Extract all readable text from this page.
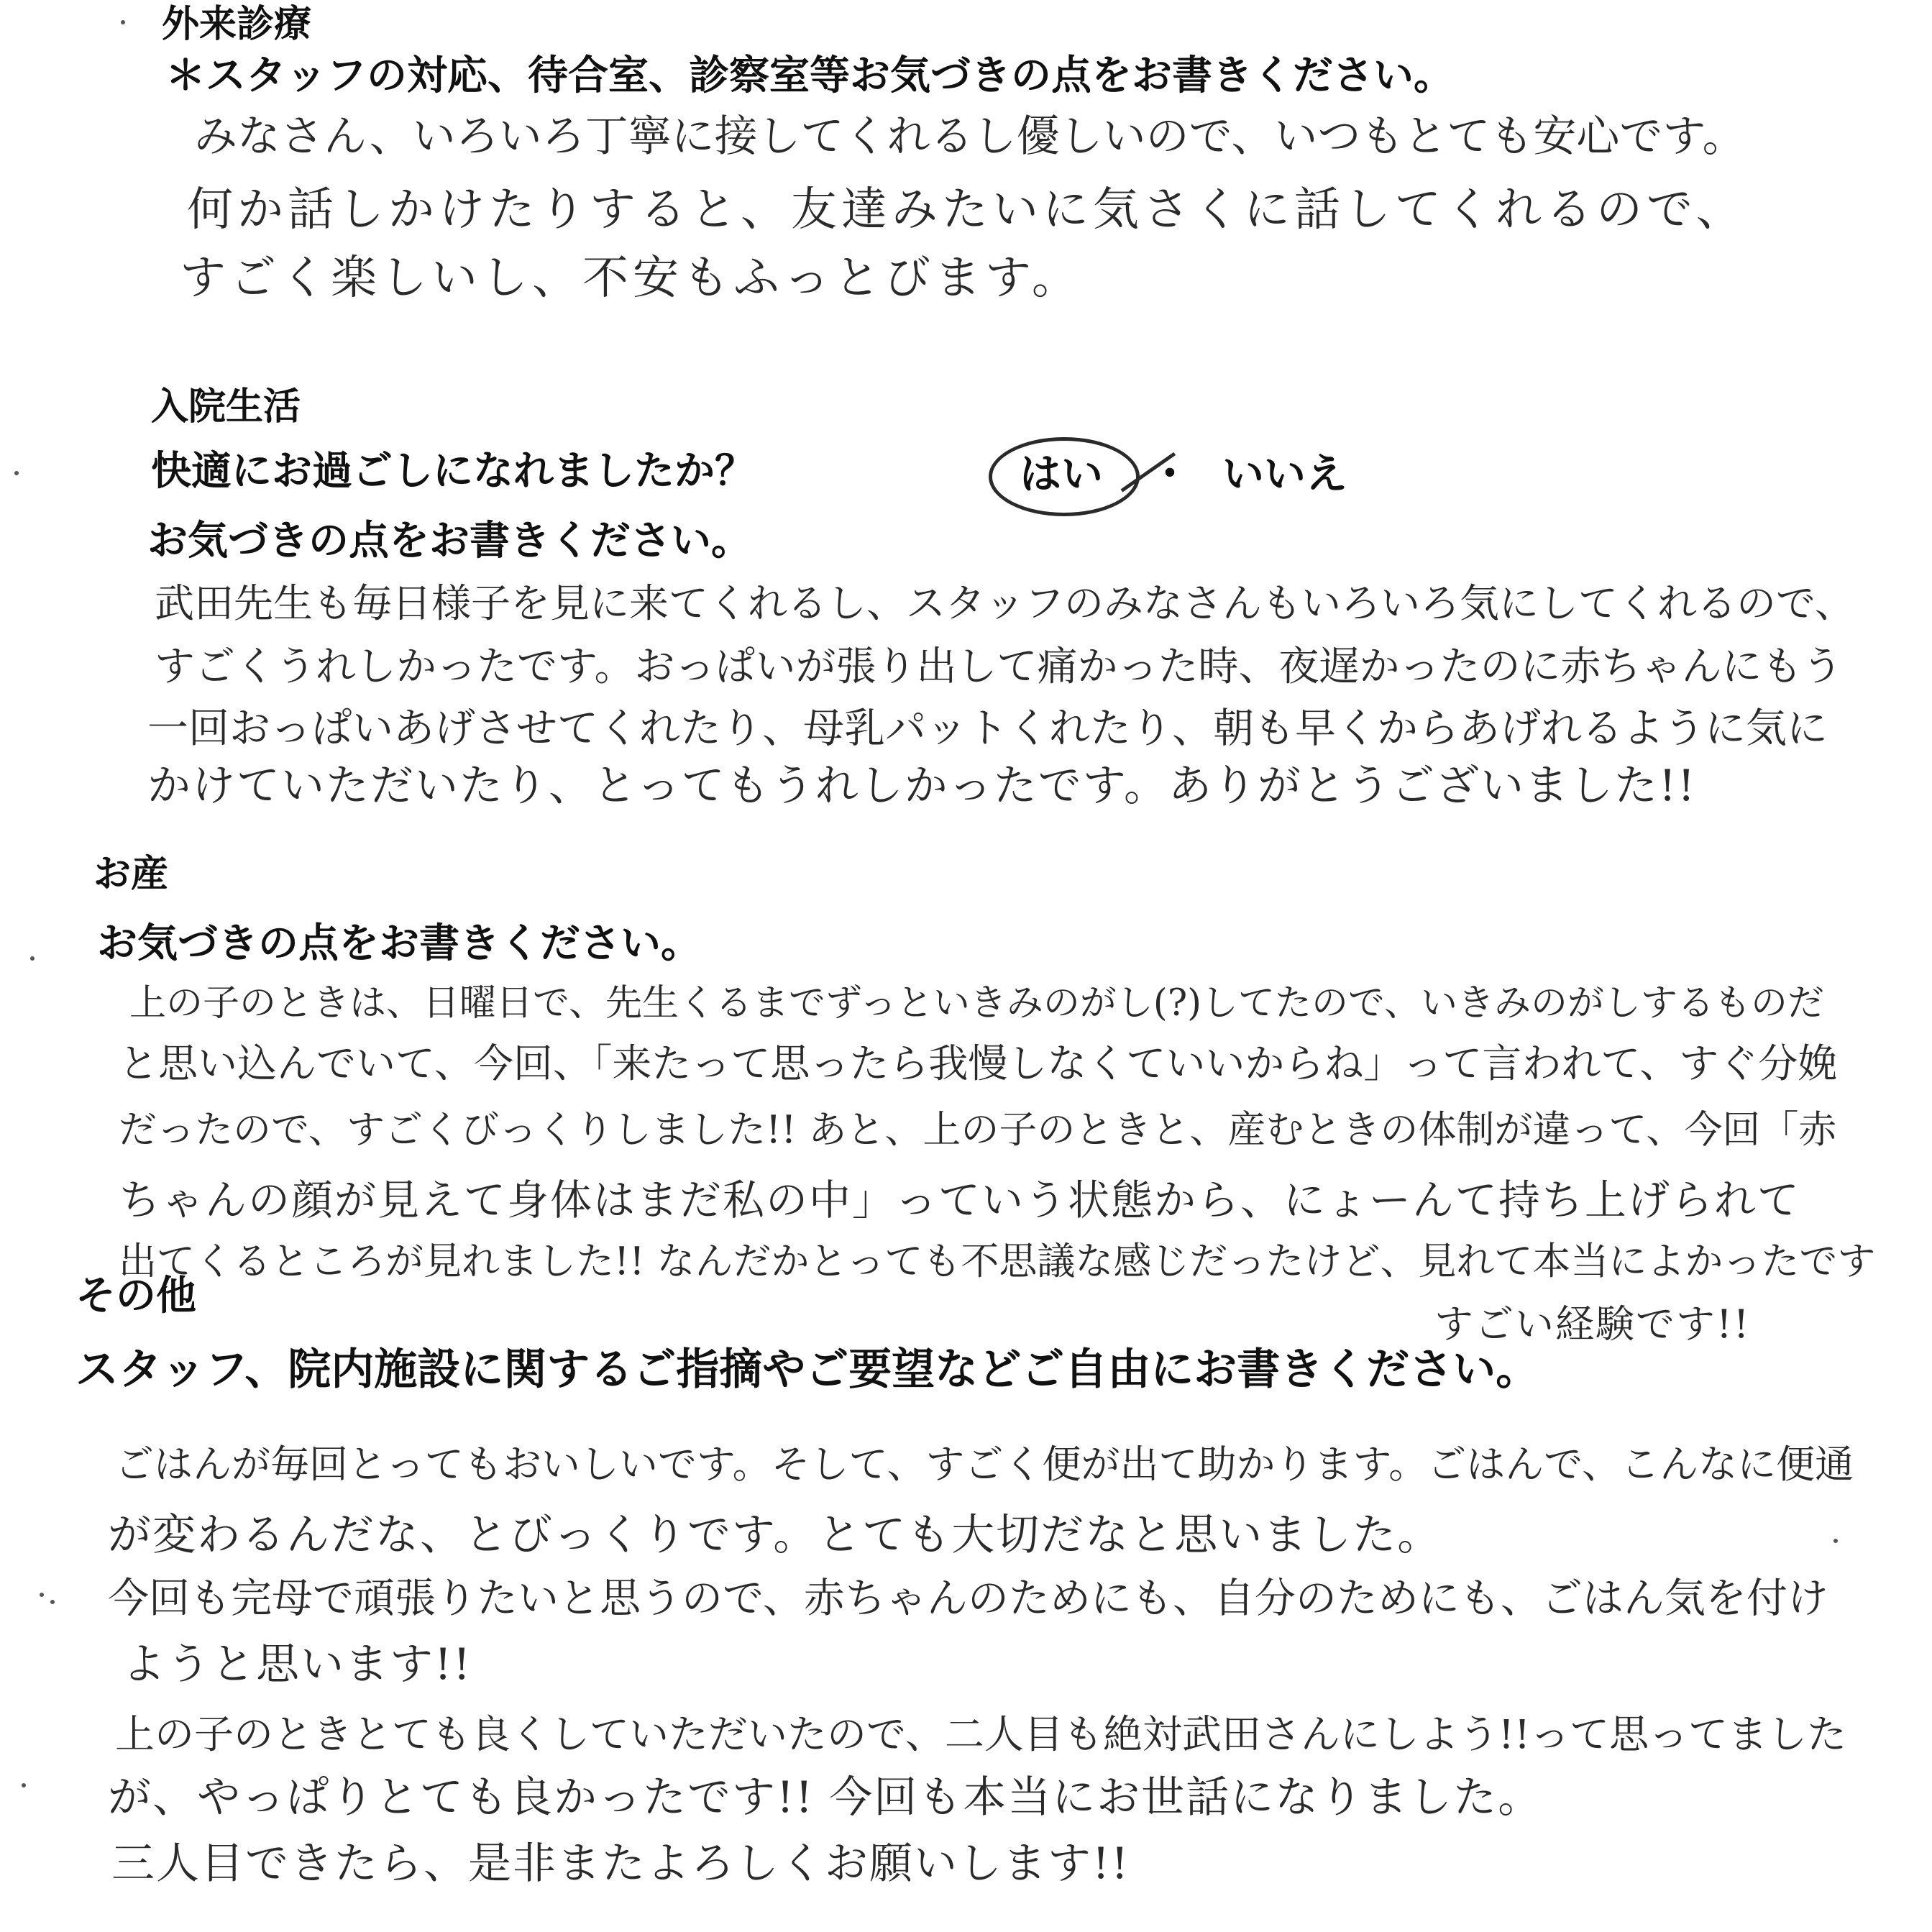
外来診療
＊スタッフの対応、待合室、診察室等お気づきの点をお書きください。
みなさん、いろいろ丁寧に接してくれるし優しいので、いつもとても安心です。
何か話しかけたりすると、友達みたいに気さくに話してくれるので、
すごく楽しいし、不安もふっとびます。
入院生活
快適にお過ごしになれましたか？	はい ・ いいえ
お気づきの点をお書きください。
武田先生も毎日様子を見に来てくれるし、スタッフのみなさんもいろいろ気にしてくれるので、
すごくうれしかったです。おっぱいが張り出して痛かった時、夜遅かったのに赤ちゃんにもう
一回おっぱいあげさせてくれたり、母乳パットくれたり、朝も早くからあげれるように気に
かけていただいたり、とってもうれしかったです。ありがとうございました!!
お産
お気づきの点をお書きください。
上の子のときは、日曜日で、先生くるまでずっといきみのがし(?)してたので、いきみのがしするものだ
と思い込んでいて、今回、「来たって思ったら我慢しなくていいからね」って言われて、すぐ分娩
だったので、すごくびっくりしました!! あと、上の子のときと、産むときの体制が違って、今回「赤
ちゃんの顔が見えて身体はまだ私の中」っていう状態から、にょーんて持ち上げられて
出てくるところが見れました!! なんだかとっても不思議な感じだったけど、見れて本当によかったです
すごい経験です!!
その他
スタッフ、院内施設に関するご指摘やご要望などご自由にお書きください。
ごはんが毎回とってもおいしいです。そして、すごく便が出て助かります。ごはんで、こんなに便通
が変わるんだな、とびっくりです。とても大切だなと思いました。
今回も完母で頑張りたいと思うので、赤ちゃんのためにも、自分のためにも、ごはん気を付け
ようと思います!!
上の子のときとても良くしていただいたので、二人目も絶対武田さんにしよう!!って思ってました
が、やっぱりとても良かったです!! 今回も本当にお世話になりました。
三人目できたら、是非またよろしくお願いします!!
